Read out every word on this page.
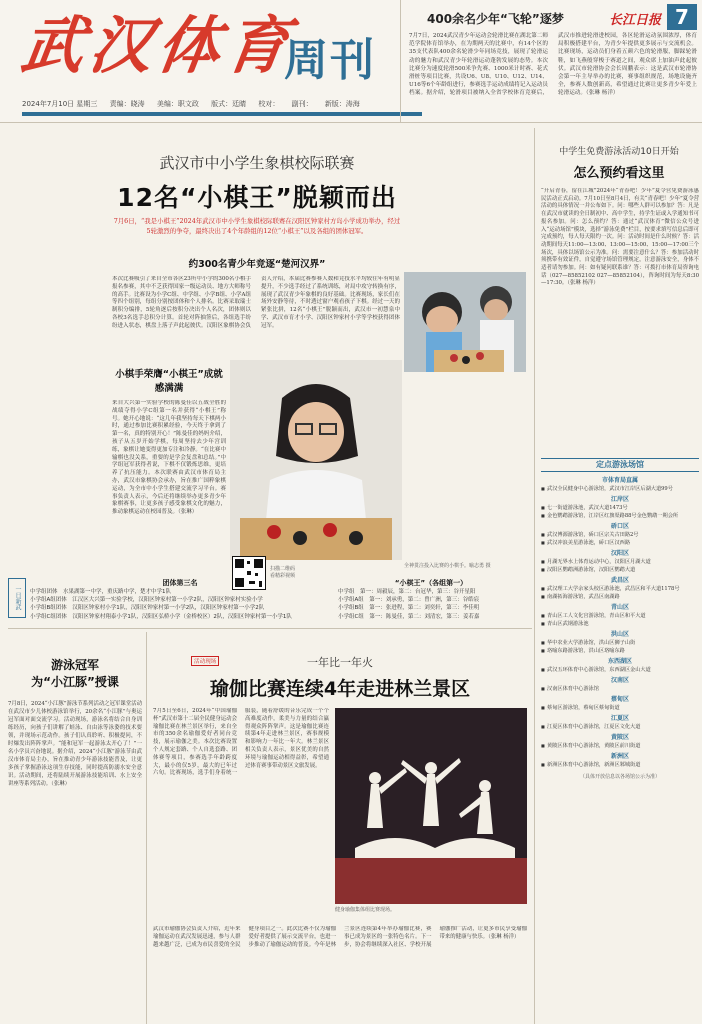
武汉体育
周刊
2024年7月10日 星期三 责编：晓涛 美编：职文政 版式：廷睛 校对： 副刊： 新版：涛海
400余名少年“飞轮”逐梦	长江日报 7
7月7日，2024武汉青少年运动会轮滑比赛在湖北第二师范学院体育馆举办，在为期两天的比赛中，有14个区的35支代表队400余名轮滑少年同场竞技，展现了轮滑运动的魅力和武汉青少年轮滑运动蓬勃发展的态势。本次比赛分为速度轮滑500米争先赛、1000米计时赛、花式滑桩等项目比赛，共设U6、U8、U10、U12、U14、U16等6个年龄组进行，参赛选手运动成绩将记入运动员档案。据介绍，轮滑项目被纳入全省学校体育竞赛后，武汉市推进轮滑进校园，各区轮滑运动氛围浓厚，体育局积极搭建平台，为青少年提供更多展示与交流机会。比赛现场，运动员们身着五颜六色的轮滑服，脚踩轮滑鞋，如飞燕般穿梭于赛道之间，观众席上加油声此起彼伏。武汉市轮滑协会会长周鹏表示：这是武汉市轮滑协会第一年主导举办的比赛，赛事组织规范，场地设施齐全，参赛人数创新高，希望通过比赛让更多青少年爱上轮滑运动。（张琳 杨洋）
一日新武
武汉市中小学生象棋校际联赛
12名“小棋王”脱颖而出
7月6日，“我是小棋王”2024年武汉市中小学生象棋校际联赛在汉阳区钟家村方岛小学成功举办，经过5轮激烈的争夺，最终决出了4个年龄组的12位“小棋王”以及各组的团体冠军。
约300名青少年竞逐“楚河汉界”
本次比赛吸引了来自全市各区23所中小学的300名小棋手报名参赛，其中不乏获得国家一级运动员、地方大师称号的高手。比赛设为小学C组、中学组、小学B组、小学A组等四个组别，每组分别按团体和个人排名。比赛采取瑞士制积分编排，5轮角逐后按积分决出个人名次，团体则以各校3名选手总积分计算。首轮对阵抽签后，各组选手纷纷进入状态，棋盘上落子声此起彼伏。汉阳区象棋协会负责人介绍，本届比赛参赛人数和竞技水平均较往年有明显提升，不少选手经过了系统训练，对局中攻守转换有序，展现了武汉青少年象棋的良好基础。比赛现场，家长们在场外安静等待，不时透过窗户观看孩子下棋。经过一天的紧张比拼，12名“小棋王”脱颖而出，武汉市一初慧泉中学、武汉市育才小学、汉阳区钟家村小学等学校获得团体冠军。
小棋手荣膺“小棋王”成就感满满
来自大兴第一实验学校的陈曼佳以五战全胜的战绩夺得小学C组第一名并获得“小棋王”称号。她开心地说：“这几年我坚持每天下棋两小时，通过参加比赛积累经验，今天终于拿到了第一名，真的特别开心！”陈曼佳的妈妈介绍，孩子从五岁开始学棋，每周坚持去少年宫训练，象棋让她变得更加专注和冷静。“在比赛中输棋也没关系，重要的是学会复盘和总结。”中学组冠军获得者说，下棋不仅锻炼思维，更培养了抗压能力。本次联赛由武汉市体育局主办，武汉市象棋协会承办，旨在推广国粹象棋运动，为全市中小学生搭建交流学习平台。赛事负责人表示，今后还将继续举办更多青少年象棋赛事，让更多孩子感受象棋文化的魅力，推动象棋运动在校园普及。（张琳）
全神贯注投入比赛的小棋手。喻志勇 摄
扫描二维码
看精彩视频
团体第三名
中学组团体　 水果湖第一中学，重庆路中学，楚才中学1队
小学组A组团体　 江汉区大兴第一实验学校，汉阳区钟家村第一小学2队，汉阳区钟家村实验小学
小学组B组团体　 汉阳区钟家村小学1队，汉阳区钟家村第一小学2队，汉阳区钟家村第一小学2队
小学组C组团体　 汉阳区钟家村翔泰小学1队，汉阳区弘桥小学（金桥校区）2队，汉阳区钟家村第一小学1队
“小棋王”（各组第一）
中学组　 第一：周毅辰，第二：台冠华，第三：谷开星阳
小学组A组　 第一：刘承勇，第二：曾广洲，第三：谷皓宸
小学组B组　 第一：张进程，第二：刘奕轩，第三：李佳明
小学组C组　 第一：陈曼佳，第二：刘清宏，第三：姜若嘉
中学生免费游泳活动10日开始
怎么预约看这里
“开启青春，留在江城”2024年“青春吧！少年”夏令营免费游泳惠民活动正式启动。7月10日至8月4日，有关“青春吧！少年”夏令营活动的具体情况一并公布如下。问：哪些人群可以参加？答：凡是在武汉市就读的全日制初中、高中学生，持学生证或入学通知书可报名参加。问：怎么预约？答：通过“武汉体育”微信公众号进入“运动场馆”模块，选择“游泳免费”栏目，按要求填写信息后即可完成预约，每人每天限约一次。问：活动时间是什么时候？答：活动期间每天11:00—13:00、13:00—15:00、15:00—17:00三个场次，具体以场馆公示为准。问：需要注意什么？答：参加活动时须携带有效证件，自觉遵守场馆管理规定，注意游泳安全，身体不适者请勿参加。问：如有疑问联系谁？答：可拨打市体育局咨询电话（027—85852102 027—85852104），咨询时间为每天8:30—17:30。（张琳 杨洋）
定点游泳场馆
市体育局直属
■ 武汉全民健身中心游泳馆，武汉市江岸区后湖大道99号
江岸区
■ 七一街道游泳池，武汉大道1473号
■ 金色鹦鹉游泳馆，江岸区红旗渠路88号金色鹦鹉一期会所
硚口区
■ 武汉博源游泳馆，硚口区宗关古田路2号
■ 武汉冲浪美星游泳池，硚口区汉西路
汉阳区
■ 月湖无界水上体育运动中心，汉阳区月湖大道
■ 汉阳区鹦鹉洲游泳馆，汉阳区鹦鹉大道
武昌区
■ 武汉理工大学余家头校区游泳池，武昌区和平大道1178号
■ 南湖拓海游泳馆，武昌区南湖路
青山区
■ 青山区工人文化宫游泳馆，青山区和平大道
■ 青山区武钢游泳池
洪山区
■ 华中农业大学游泳馆，洪山区狮子山街
■ 珞喻东路游泳馆，洪山区珞喻东路
东西湖区
■ 武汉五环体育中心游泳馆，东西湖区金山大道
汉南区
■ 汉南区体育中心游泳馆
蔡甸区
■ 蔡甸区游泳馆，蔡甸区蔡甸街道
江夏区
■ 江夏区体育中心游泳馆，江夏区文化大道
黄陂区
■ 黄陂区体育中心游泳馆，黄陂区前川街道
新洲区
■ 新洲区体育中心游泳馆，新洲区邾城街道
（具体开放信息以各场馆公示为准）
游泳冠军
为“小江豚”授课
7月8日，2024“小江豚”游泳节系列活动之冠军课堂活动在武汉市少儿体校游泳馆举行，20余名“小江豚”与奥运冠军面对面交流学习。活动现场，游泳名将结合自身训练经历，向孩子们讲解了蛙泳、自由泳等泳姿的技术要领，并现场示范动作。孩子们认真聆听、积极提问，不时爆发出阵阵掌声。“能和冠军一起游泳太开心了！”一名小学员兴奋地说。据介绍，2024“小江豚”游泳节由武汉市体育局主办，旨在推动青少年游泳技能普及，让更多孩子掌握游泳这项生存技能，同时提高防溺水安全意识。活动期间，还将陆续开展游泳技能培训、水上安全讲座等系列活动。（张琳）
活动现场	一年比一年火
瑜伽比赛连续4年走进林兰景区
7月5日至6日，2024年“中国瑜伽杯”武汉市第十二届全民健身运动会瑜伽比赛在林兰景区举行，来自全市的350余名瑜伽爱好者同台竞技，展示瑜伽之美。本次比赛设置个人规定套路、个人自选套路、团体赛等项目，参赛选手年龄跨度大，最小的仅5岁，最大的已年过六旬。比赛现场，选手们身着统一服装，随着舒缓的音乐完成一个个高难度动作，柔美与力量的结合赢得观众阵阵掌声。这是瑜伽比赛连续第4年走进林兰景区，赛事规模和影响力一年比一年大。林兰景区相关负责人表示，景区优美的自然环境与瑜伽运动相得益彰，希望通过体育赛事带动景区文旅发展。
健身瑜伽集体组比赛现场。
武汉市瑜伽协会负责人介绍，近年来瑜伽运动在武汉发展迅速，参与人群越来越广泛，已成为市民喜爱的全民健身项目之一。此次比赛不仅为瑜伽爱好者提供了展示交流平台，也进一步推动了瑜伽运动的普及。今年是林兰景区连续第4年举办瑜伽比赛，赛事已成为景区的一张特色名片。下一步，协会将继续深入社区、学校开展瑜伽推广活动，让更多市民享受瑜伽带来的健康与快乐。（张琳 杨洋）
